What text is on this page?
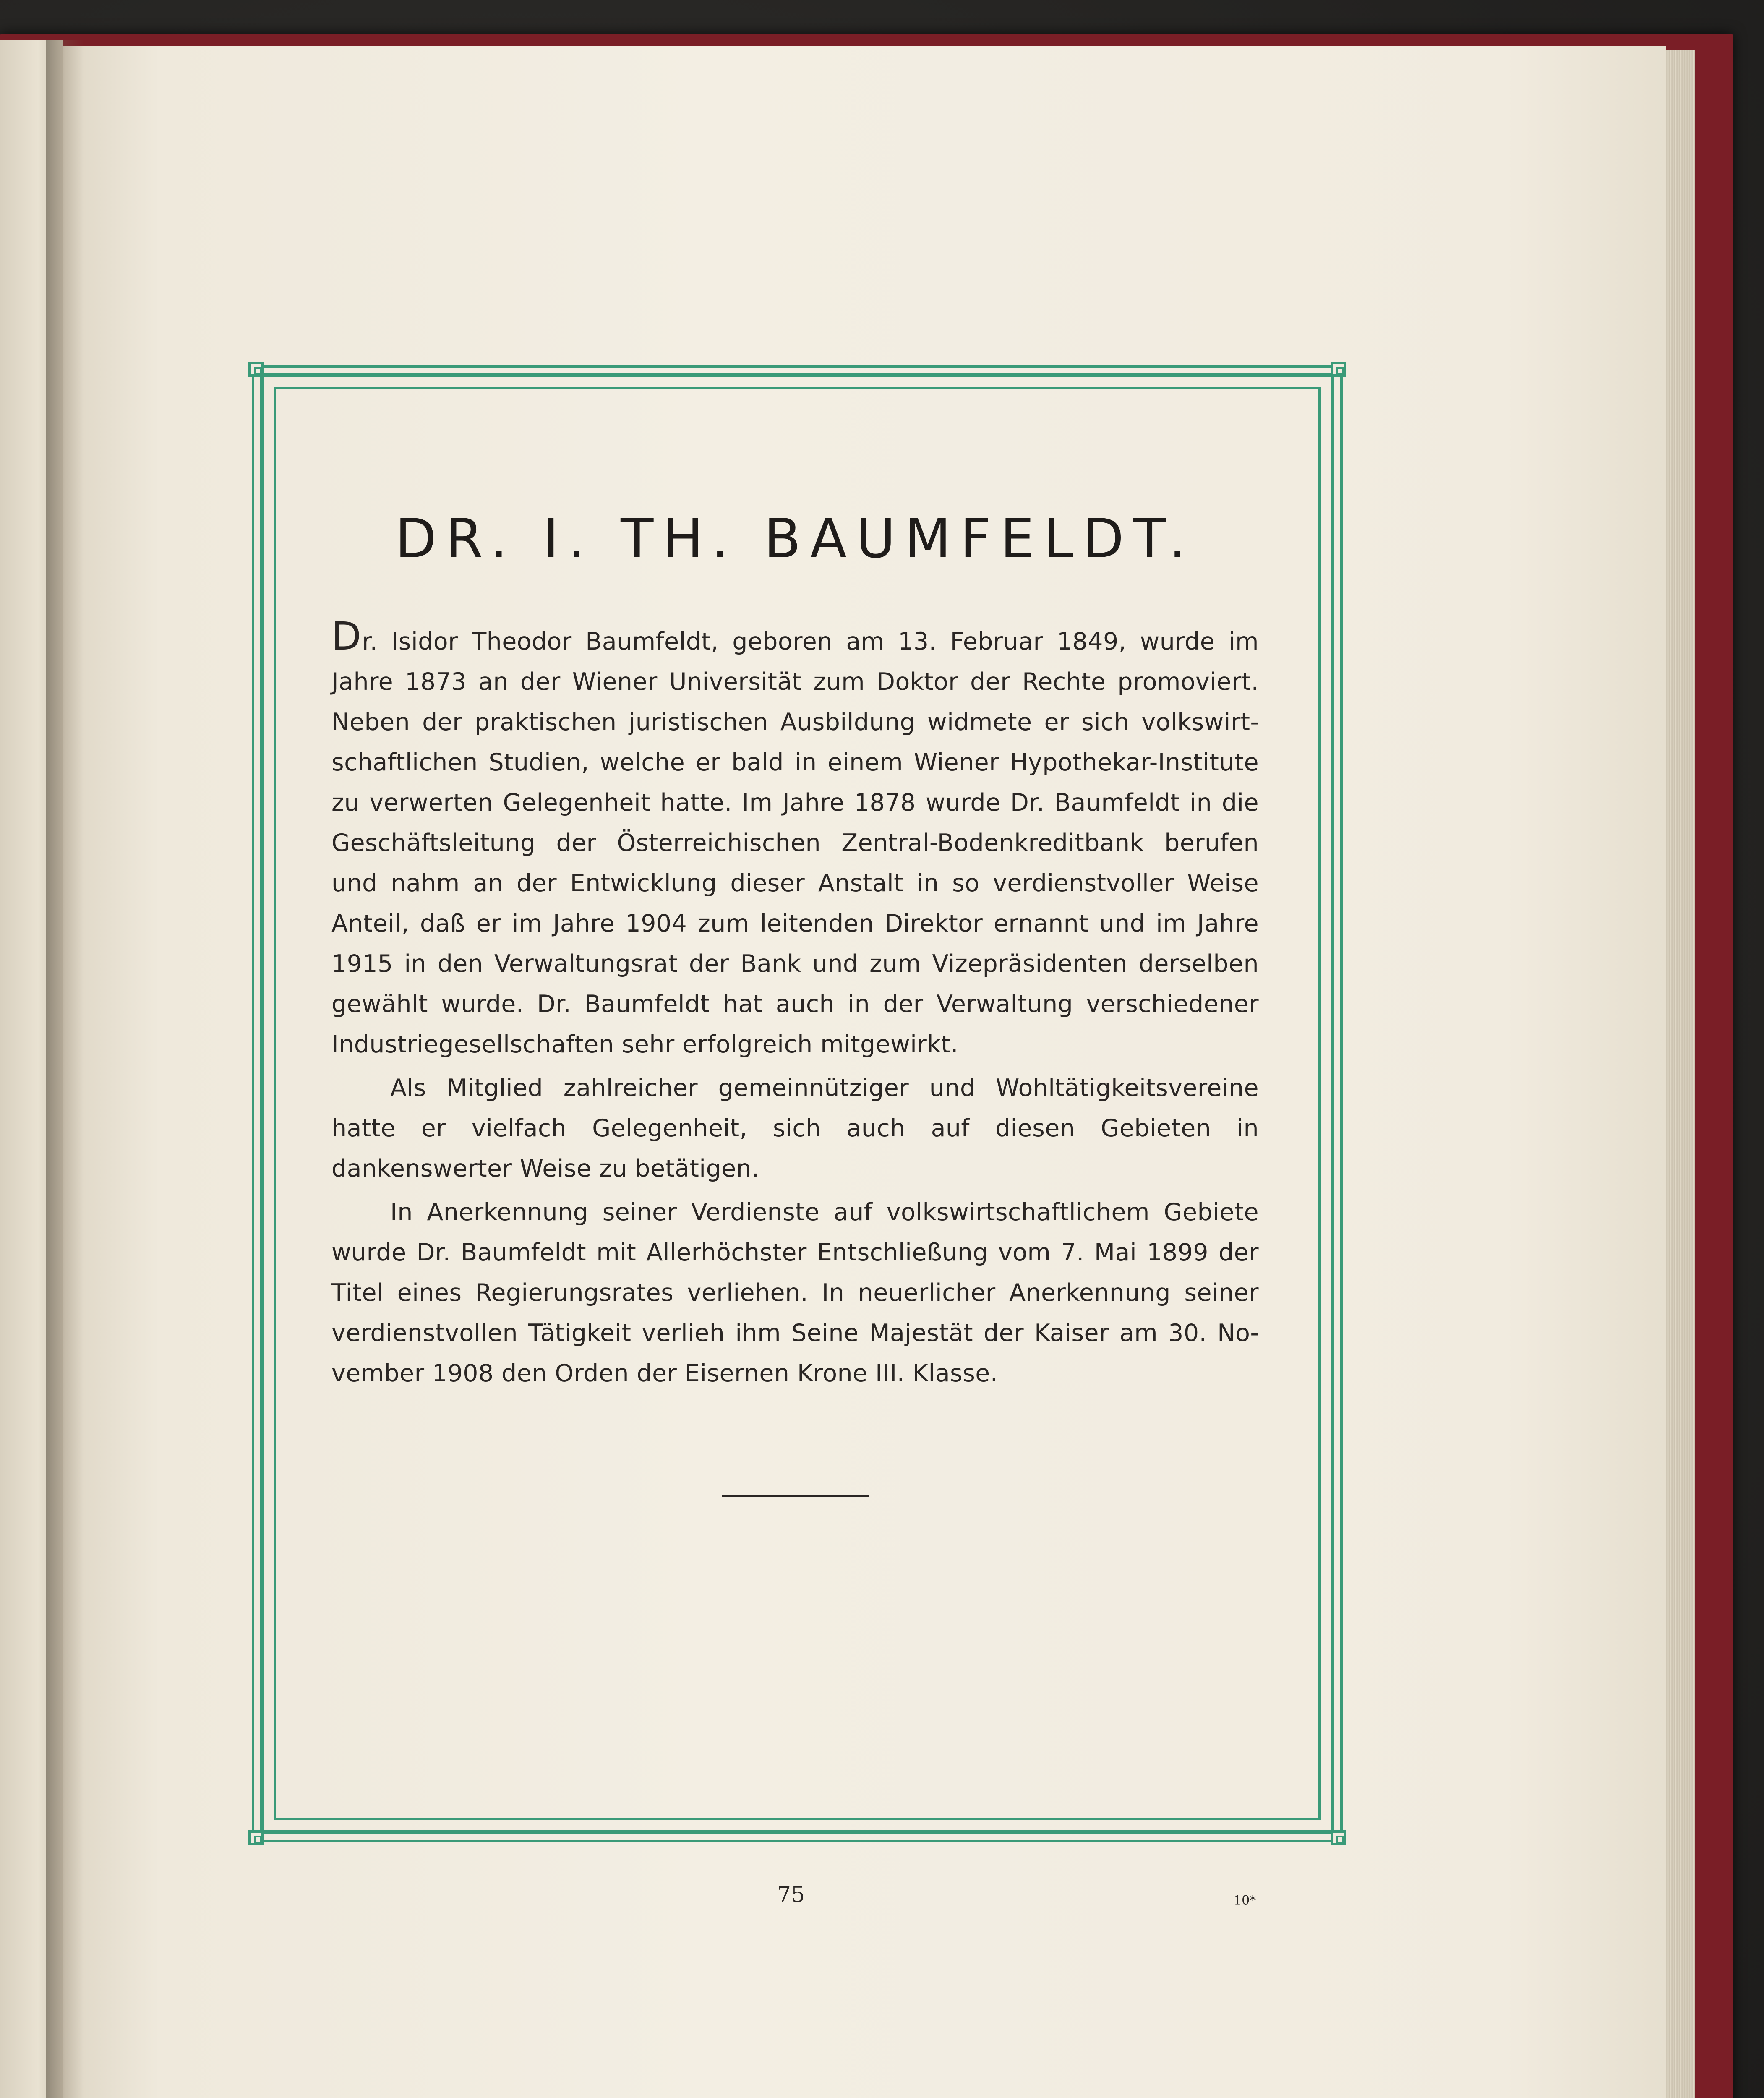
DR. I. TH. BAUMFELDT.

Dr. Isidor Theodor Baumfeldt, geboren am 13. Februar 1849, wurde im Jahre 1873 an der Wiener Universität zum Doktor der Rechte promoviert. Neben der praktischen juristischen Ausbildung widmete er sich volkswirtschaftlichen Studien, welche er bald in einem Wiener Hypothekar-Institute zu verwerten Gelegenheit hatte. Im Jahre 1878 wurde Dr. Baumfeldt in die Geschäftsleitung der Österreichischen Zentral-Bodenkreditbank berufen und nahm an der Entwicklung dieser Anstalt in so verdienstvoller Weise Anteil, daß er im Jahre 1904 zum leitenden Direktor ernannt und im Jahre 1915 in den Verwaltungsrat der Bank und zum Vizepräsidenten derselben gewählt wurde. Dr. Baumfeldt hat auch in der Verwaltung verschiedener Industriegesellschaften sehr erfolgreich mitgewirkt.

Als Mitglied zahlreicher gemeinnütziger und Wohltätigkeitsvereine hatte er vielfach Gelegenheit, sich auch auf diesen Gebieten in dankenswerter Weise zu betätigen.

In Anerkennung seiner Verdienste auf volkswirtschaftlichem Gebiete wurde Dr. Baumfeldt mit Allerhöchster Entschließung vom 7. Mai 1899 der Titel eines Regierungsrates verliehen. In neuerlicher Anerkennung seiner verdienstvollen Tätigkeit verlieh ihm Seine Majestät der Kaiser am 30. November 1908 den Orden der Eisernen Krone III. Klasse.

75	10*
